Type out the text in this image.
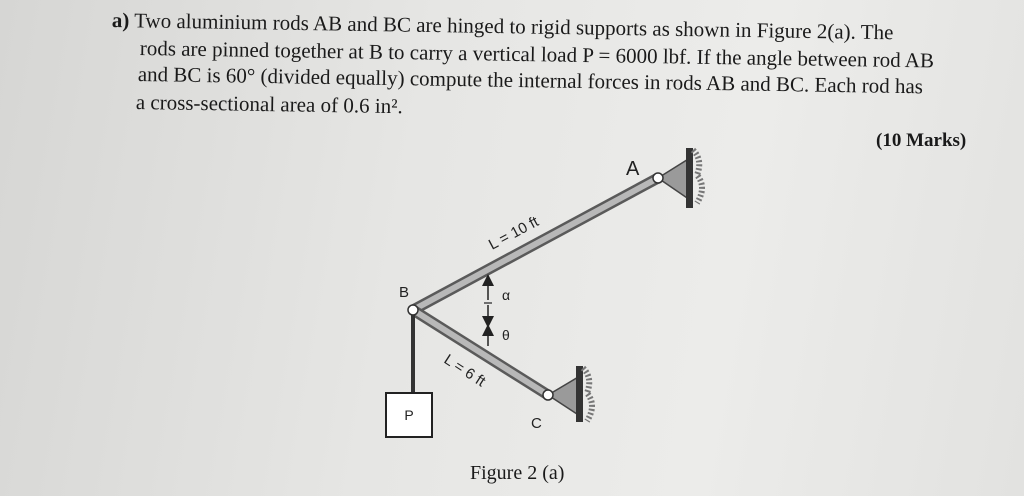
a) Two aluminium rods AB and BC are hinged to rigid supports as shown in Figure 2(a). The
rods are pinned together at B to carry a vertical load P = 6000 lbf. If the angle between rod AB
and BC is 60° (divided equally) compute the internal forces in rods AB and BC. Each rod has
a cross-sectional area of 0.6 in².
(10 Marks)
P
A
B
C
L = 10 ft
L = 6 ft
α
θ
Figure 2 (a)
